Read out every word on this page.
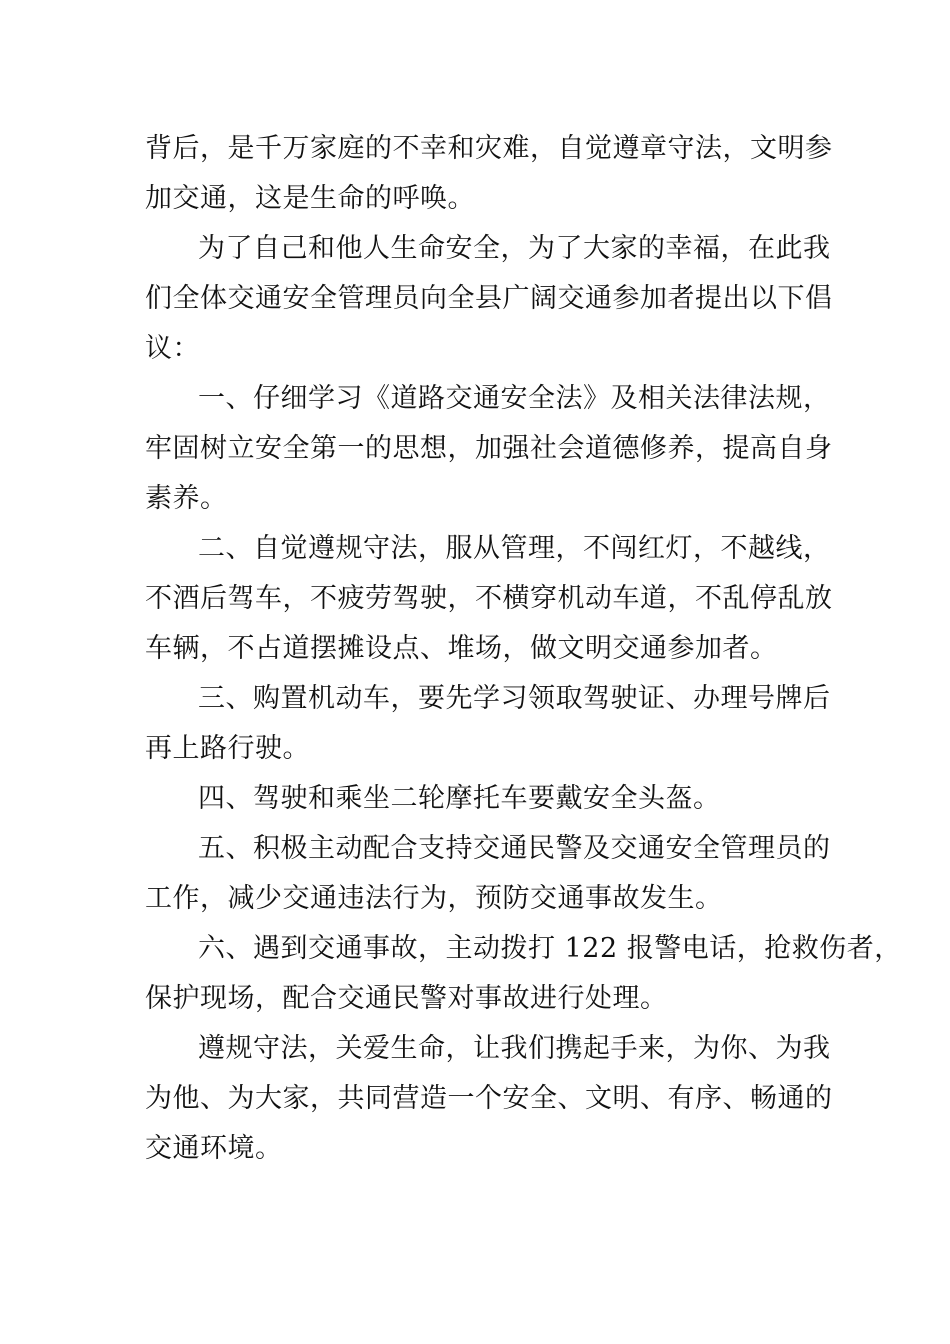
背后，是千万家庭的不幸和灾难，自觉遵章守法，文明参
加交通，这是生命的呼唤。
为了自己和他人生命安全，为了大家的幸福，在此我
们全体交通安全管理员向全县广阔交通参加者提出以下倡
议：
一、仔细学习《道路交通安全法》及相关法律法规，
牢固树立安全第一的思想，加强社会道德修养，提高自身
素养。
二、自觉遵规守法，服从管理，不闯红灯，不越线，
不酒后驾车，不疲劳驾驶，不横穿机动车道，不乱停乱放
车辆，不占道摆摊设点、堆场，做文明交通参加者。
三、购置机动车，要先学习领取驾驶证、办理号牌后
再上路行驶。
四、驾驶和乘坐二轮摩托车要戴安全头盔。
五、积极主动配合支持交通民警及交通安全管理员的
工作，减少交通违法行为，预防交通事故发生。
六、遇到交通事故，主动拨打 122 报警电话，抢救伤者，
保护现场，配合交通民警对事故进行处理。
遵规守法，关爱生命，让我们携起手来，为你、为我
为他、为大家，共同营造一个安全、文明、有序、畅通的
交通环境。
